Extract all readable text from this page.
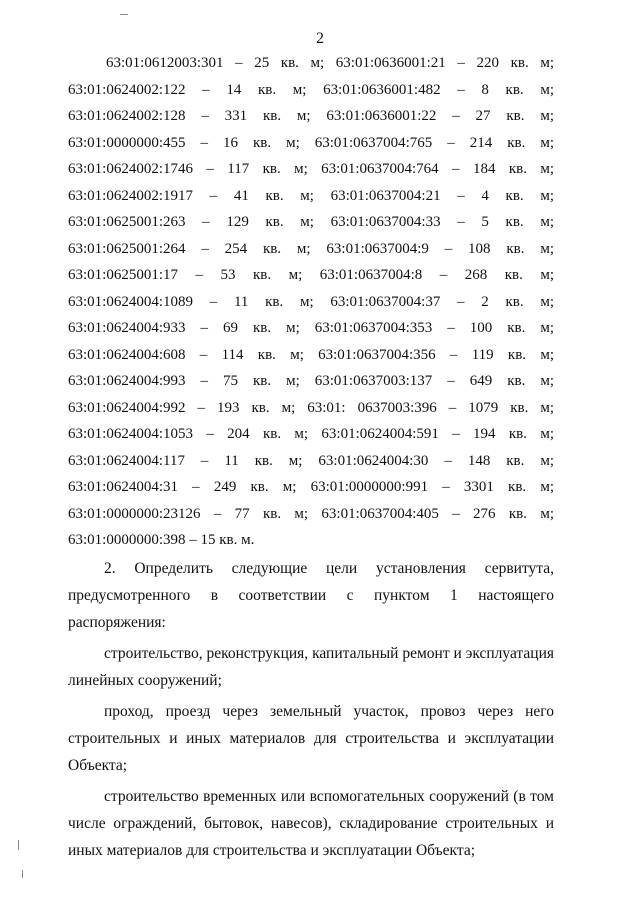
2
63:01:0612003:301 – 25 кв. м; 63:01:0636001:21 – 220 кв. м;
63:01:0624002:122 – 14 кв. м; 63:01:0636001:482 – 8 кв. м;
63:01:0624002:128 – 331 кв. м; 63:01:0636001:22 – 27 кв. м;
63:01:0000000:455 – 16 кв. м; 63:01:0637004:765 – 214 кв. м;
63:01:0624002:1746 – 117 кв. м; 63:01:0637004:764 – 184 кв. м;
63:01:0624002:1917 – 41 кв. м; 63:01:0637004:21 – 4 кв. м;
63:01:0625001:263 – 129 кв. м; 63:01:0637004:33 – 5 кв. м;
63:01:0625001:264 – 254 кв. м; 63:01:0637004:9 – 108 кв. м;
63:01:0625001:17 – 53 кв. м; 63:01:0637004:8 – 268 кв. м;
63:01:0624004:1089 – 11 кв. м; 63:01:0637004:37 – 2 кв. м;
63:01:0624004:933 – 69 кв. м; 63:01:0637004:353 – 100 кв. м;
63:01:0624004:608 – 114 кв. м; 63:01:0637004:356 – 119 кв. м;
63:01:0624004:993 – 75 кв. м; 63:01:0637003:137 – 649 кв. м;
63:01:0624004:992 – 193 кв. м; 63:01: 0637003:396 – 1079 кв. м;
63:01:0624004:1053 – 204 кв. м; 63:01:0624004:591 – 194 кв. м;
63:01:0624004:117 – 11 кв. м; 63:01:0624004:30 – 148 кв. м;
63:01:0624004:31 – 249 кв. м; 63:01:0000000:991 – 3301 кв. м;
63:01:0000000:23126 – 77 кв. м; 63:01:0637004:405 – 276 кв. м;
63:01:0000000:398 – 15 кв. м.

2. Определить следующие цели установления сервитута, предусмотренного в соответствии с пунктом 1 настоящего распоряжения:

строительство, реконструкция, капитальный ремонт и эксплуатация линейных сооружений;

проход, проезд через земельный участок, провоз через него строительных и иных материалов для строительства и эксплуатации Объекта;

строительство временных или вспомогательных сооружений (в том числе ограждений, бытовок, навесов), складирование строительных и иных материалов для строительства и эксплуатации Объекта;
